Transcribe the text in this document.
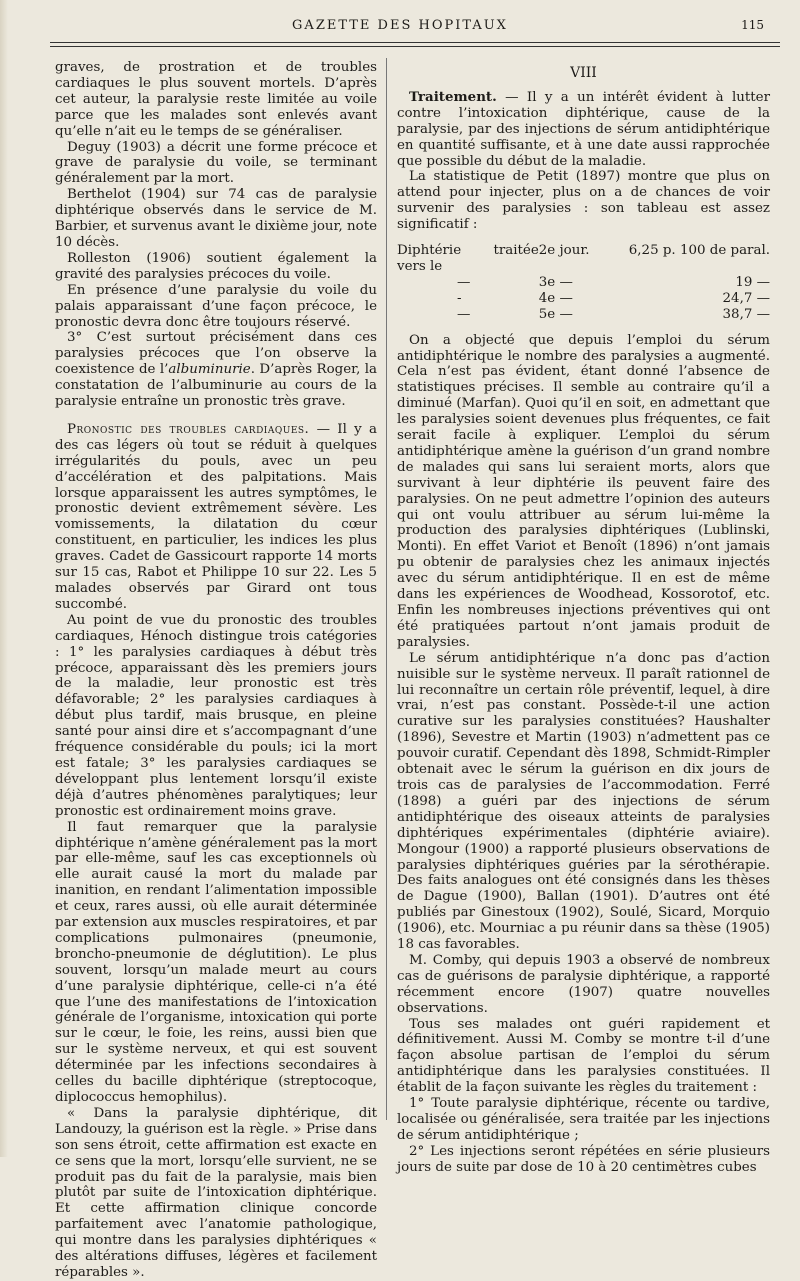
GAZETTE DES HOPITAUX	115

graves, de prostration et de troubles cardiaques le plus souvent mortels. D’après cet auteur, la paralysie reste limitée au voile parce que les malades sont enlevés avant qu’elle n’ait eu le temps de se généraliser.

Deguy (1903) a décrit une forme précoce et grave de paralysie du voile, se terminant généralement par la mort.

Berthelot (1904) sur 74 cas de paralysie diphtérique observés dans le service de M. Barbier, et survenus avant le dixième jour, note 10 décès.

Rolleston (1906) soutient également la gravité des paralysies précoces du voile.

En présence d’une paralysie du voile du palais apparaissant d’une façon précoce, le pronostic devra donc être toujours réservé.

3° C’est surtout précisément dans ces paralysies précoces que l’on observe la coexistence de l’albuminurie. D’après Roger, la constatation de l’albuminurie au cours de la paralysie entraîne un pronostic très grave.

Pronostic des troubles cardiaques. — Il y a des cas légers où tout se réduit à quelques irrégularités du pouls, avec un peu d’accélération et des palpitations. Mais lorsque apparaissent les autres symptômes, le pronostic devient extrêmement sévère. Les vomissements, la dilatation du cœur constituent, en particulier, les indices les plus graves. Cadet de Gassicourt rapporte 14 morts sur 15 cas, Rabot et Philippe 10 sur 22. Les 5 malades observés par Girard ont tous succombé.

Au point de vue du pronostic des troubles cardiaques, Hénoch distingue trois catégories : 1° les paralysies cardiaques à début très précoce, apparaissant dès les premiers jours de la maladie, leur pronostic est très défavorable; 2° les paralysies cardiaques à début plus tardif, mais brusque, en pleine santé pour ainsi dire et s’accompagnant d’une fréquence considérable du pouls; ici la mort est fatale; 3° les paralysies cardiaques se développant plus lentement lorsqu’il existe déjà d’autres phénomènes paralytiques; leur pronostic est ordinairement moins grave.

Il faut remarquer que la paralysie diphtérique n’amène généralement pas la mort par elle-même, sauf les cas exceptionnels où elle aurait causé la mort du malade par inanition, en rendant l’alimentation impossible et ceux, rares aussi, où elle aurait déterminée par extension aux muscles respiratoires, et par complications pulmonaires (pneumonie, broncho-pneumonie de déglutition). Le plus souvent, lorsqu’un malade meurt au cours d’une paralysie diphtérique, celle-ci n’a été que l’une des manifestations de l’intoxication générale de l’organisme, intoxication qui porte sur le cœur, le foie, les reins, aussi bien que sur le système nerveux, et qui est souvent déterminée par les infections secondaires à celles du bacille diphtérique (streptocoque, diplococcus hemophilus).

« Dans la paralysie diphtérique, dit Landouzy, la guérison est la règle. » Prise dans son sens étroit, cette affirmation est exacte en ce sens que la mort, lorsqu’elle survient, ne se produit pas du fait de la paralysie, mais bien plutôt par suite de l’intoxication diphtérique. Et cette affirmation clinique concorde parfaitement avec l’anatomie pathologique, qui montre dans les paralysies diphtériques « des altérations diffuses, légères et facilement réparables ».

VIII

Traitement. — Il y a un intérêt évident à lutter contre l’intoxication diphtérique, cause de la paralysie, par des injections de sérum antidiphtérique en quantité suffisante, et à une date aussi rapprochée que possible du début de la maladie.

La statistique de Petit (1897) montre que plus on attend pour injecter, plus on a de chances de voir survenir des paralysies : son tableau est assez significatif :

Diphtérie traitée vers le	2e jour.	6,25 p. 100 de paral.
—	3e —	19 —
-	4e —	24,7 —
—	5e —	38,7 —

On a objecté que depuis l’emploi du sérum antidiphtérique le nombre des paralysies a augmenté. Cela n’est pas évident, étant donné l’absence de statistiques précises. Il semble au contraire qu’il a diminué (Marfan). Quoi qu’il en soit, en admettant que les paralysies soient devenues plus fréquentes, ce fait serait facile à expliquer. L’emploi du sérum antidiphtérique amène la guérison d’un grand nombre de malades qui sans lui seraient morts, alors que survivant à leur diphtérie ils peuvent faire des paralysies. On ne peut admettre l’opinion des auteurs qui ont voulu attribuer au sérum lui-même la production des paralysies diphtériques (Lublinski, Monti). En effet Variot et Benoît (1896) n’ont jamais pu obtenir de paralysies chez les animaux injectés avec du sérum antidiphtérique. Il en est de même dans les expériences de Woodhead, Kossorotof, etc. Enfin les nombreuses injections préventives qui ont été pratiquées partout n’ont jamais produit de paralysies.

Le sérum antidiphtérique n’a donc pas d’action nuisible sur le système nerveux. Il paraît rationnel de lui reconnaître un certain rôle préventif, lequel, à dire vrai, n’est pas constant. Possède-t-il une action curative sur les paralysies constituées? Haushalter (1896), Sevestre et Martin (1903) n’admettent pas ce pouvoir curatif. Cependant dès 1898, Schmidt-Rimpler obtenait avec le sérum la guérison en dix jours de trois cas de paralysies de l’accommodation. Ferré (1898) a guéri par des injections de sérum antidiphtérique des oiseaux atteints de paralysies diphtériques expérimentales (diphtérie aviaire). Mongour (1900) a rapporté plusieurs observations de paralysies diphtériques guéries par la sérothérapie. Des faits analogues ont été consignés dans les thèses de Dague (1900), Ballan (1901). D’autres ont été publiés par Ginestoux (1902), Soulé, Sicard, Morquio (1906), etc. Mourniac a pu réunir dans sa thèse (1905) 18 cas favorables.

M. Comby, qui depuis 1903 a observé de nombreux cas de guérisons de paralysie diphtérique, a rapporté récemment encore (1907) quatre nouvelles observations.

Tous ses malades ont guéri rapidement et définitivement. Aussi M. Comby se montre t-il d’une façon absolue partisan de l’emploi du sérum antidiphtérique dans les paralysies constituées. Il établit de la façon suivante les règles du traitement :

1° Toute paralysie diphtérique, récente ou tardive, localisée ou généralisée, sera traitée par les injections de sérum antidiphtérique ;

2° Les injections seront répétées en série plusieurs jours de suite par dose de 10 à 20 centimètres cubes
